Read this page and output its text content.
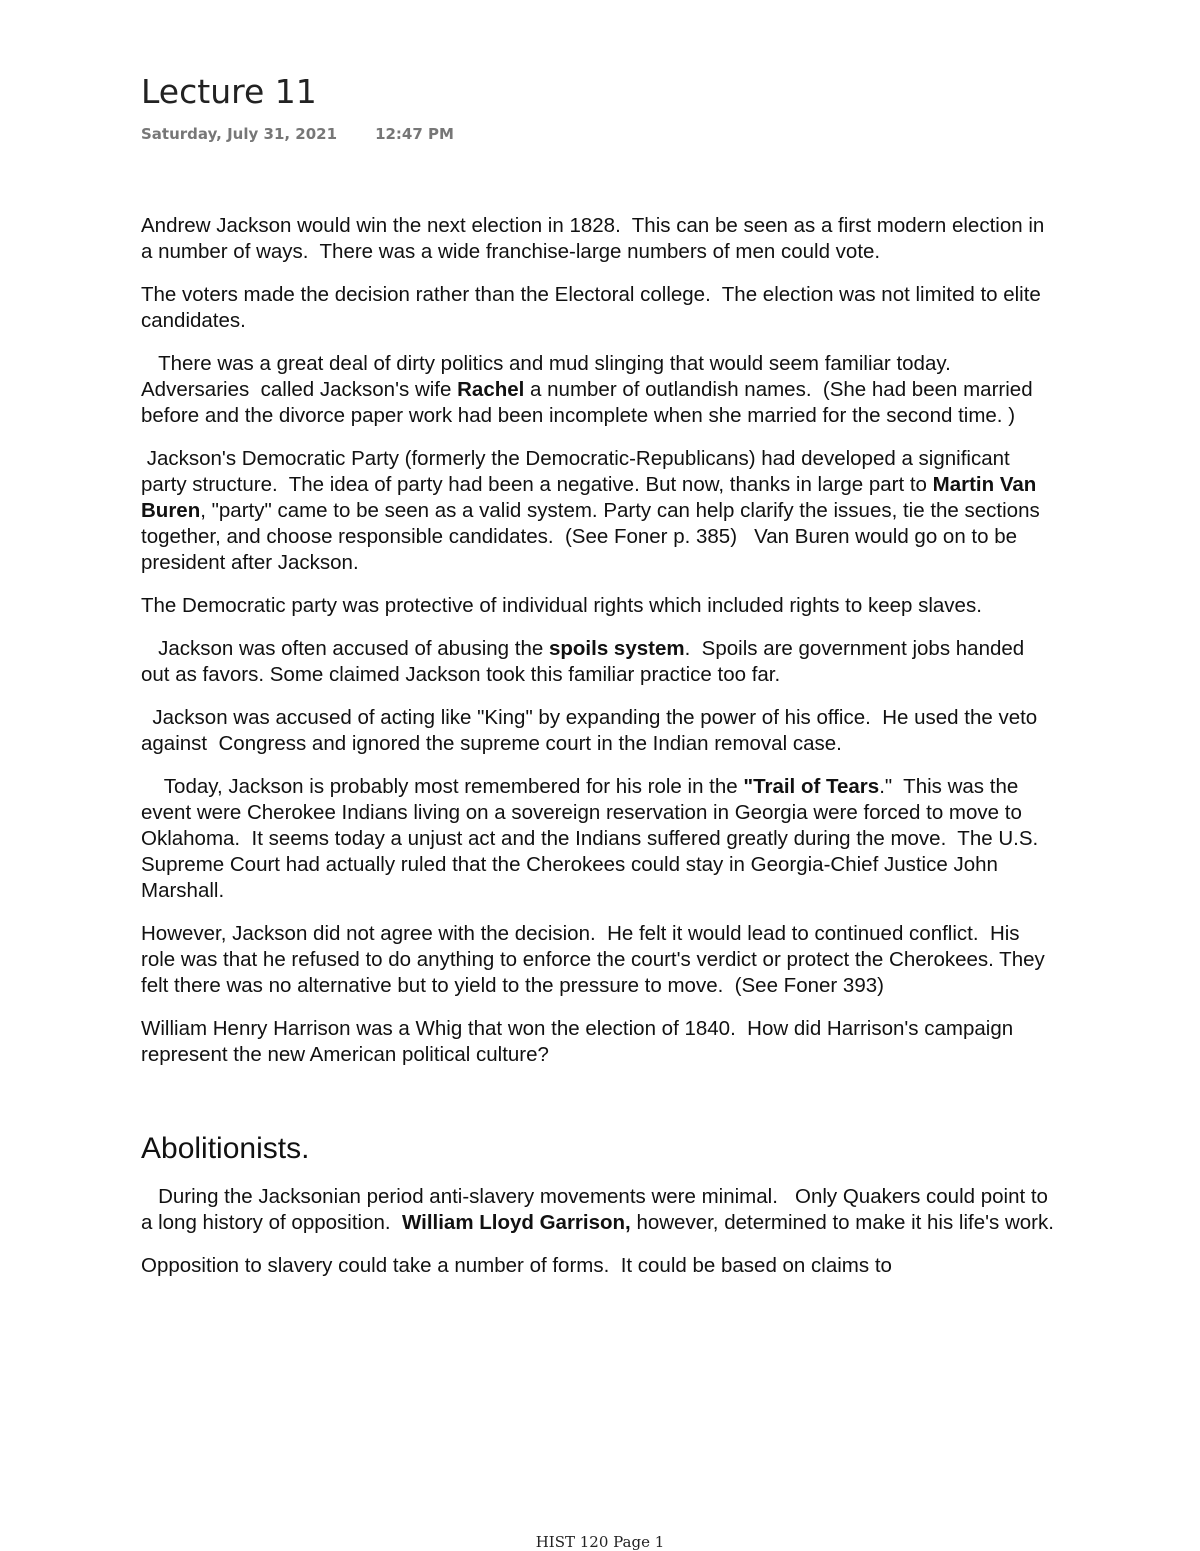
Lecture 11
Saturday, July 31, 2021	12:47 PM

Andrew Jackson would win the next election in 1828.  This can be seen as a first modern election in a number of ways.  There was a wide franchise-large numbers of men could vote.

The voters made the decision rather than the Electoral college.  The election was not limited to elite candidates.

There was a great deal of dirty politics and mud slinging that would seem familiar today.  Adversaries  called Jackson's wife Rachel a number of outlandish names.  (She had been married before and the divorce paper work had been incomplete when she married for the second time. )

Jackson's Democratic Party (formerly the Democratic-Republicans) had developed a significant party structure.  The idea of party had been a negative. But now, thanks in large part to Martin Van Buren, "party" came to be seen as a valid system. Party can help clarify the issues, tie the sections together, and choose responsible candidates.  (See Foner p. 385)   Van Buren would go on to be president after Jackson.

The Democratic party was protective of individual rights which included rights to keep slaves.

Jackson was often accused of abusing the spoils system.  Spoils are government jobs handed out as favors. Some claimed Jackson took this familiar practice too far.

Jackson was accused of acting like "King" by expanding the power of his office.  He used the veto against  Congress and ignored the supreme court in the Indian removal case.

Today, Jackson is probably most remembered for his role in the "Trail of Tears."  This was the event were Cherokee Indians living on a sovereign reservation in Georgia were forced to move to Oklahoma.  It seems today a unjust act and the Indians suffered greatly during the move.  The U.S. Supreme Court had actually ruled that the Cherokees could stay in Georgia-Chief Justice John Marshall.

However, Jackson did not agree with the decision.  He felt it would lead to continued conflict.  His role was that he refused to do anything to enforce the court's verdict or protect the Cherokees. They felt there was no alternative but to yield to the pressure to move.  (See Foner 393)

William Henry Harrison was a Whig that won the election of 1840.  How did Harrison's campaign represent the new American political culture?

Abolitionists.

During the Jacksonian period anti-slavery movements were minimal.   Only Quakers could point to a long history of opposition.  William Lloyd Garrison, however, determined to make it his life's work.

Opposition to slavery could take a number of forms.  It could be based on claims to

HIST 120 Page 1
